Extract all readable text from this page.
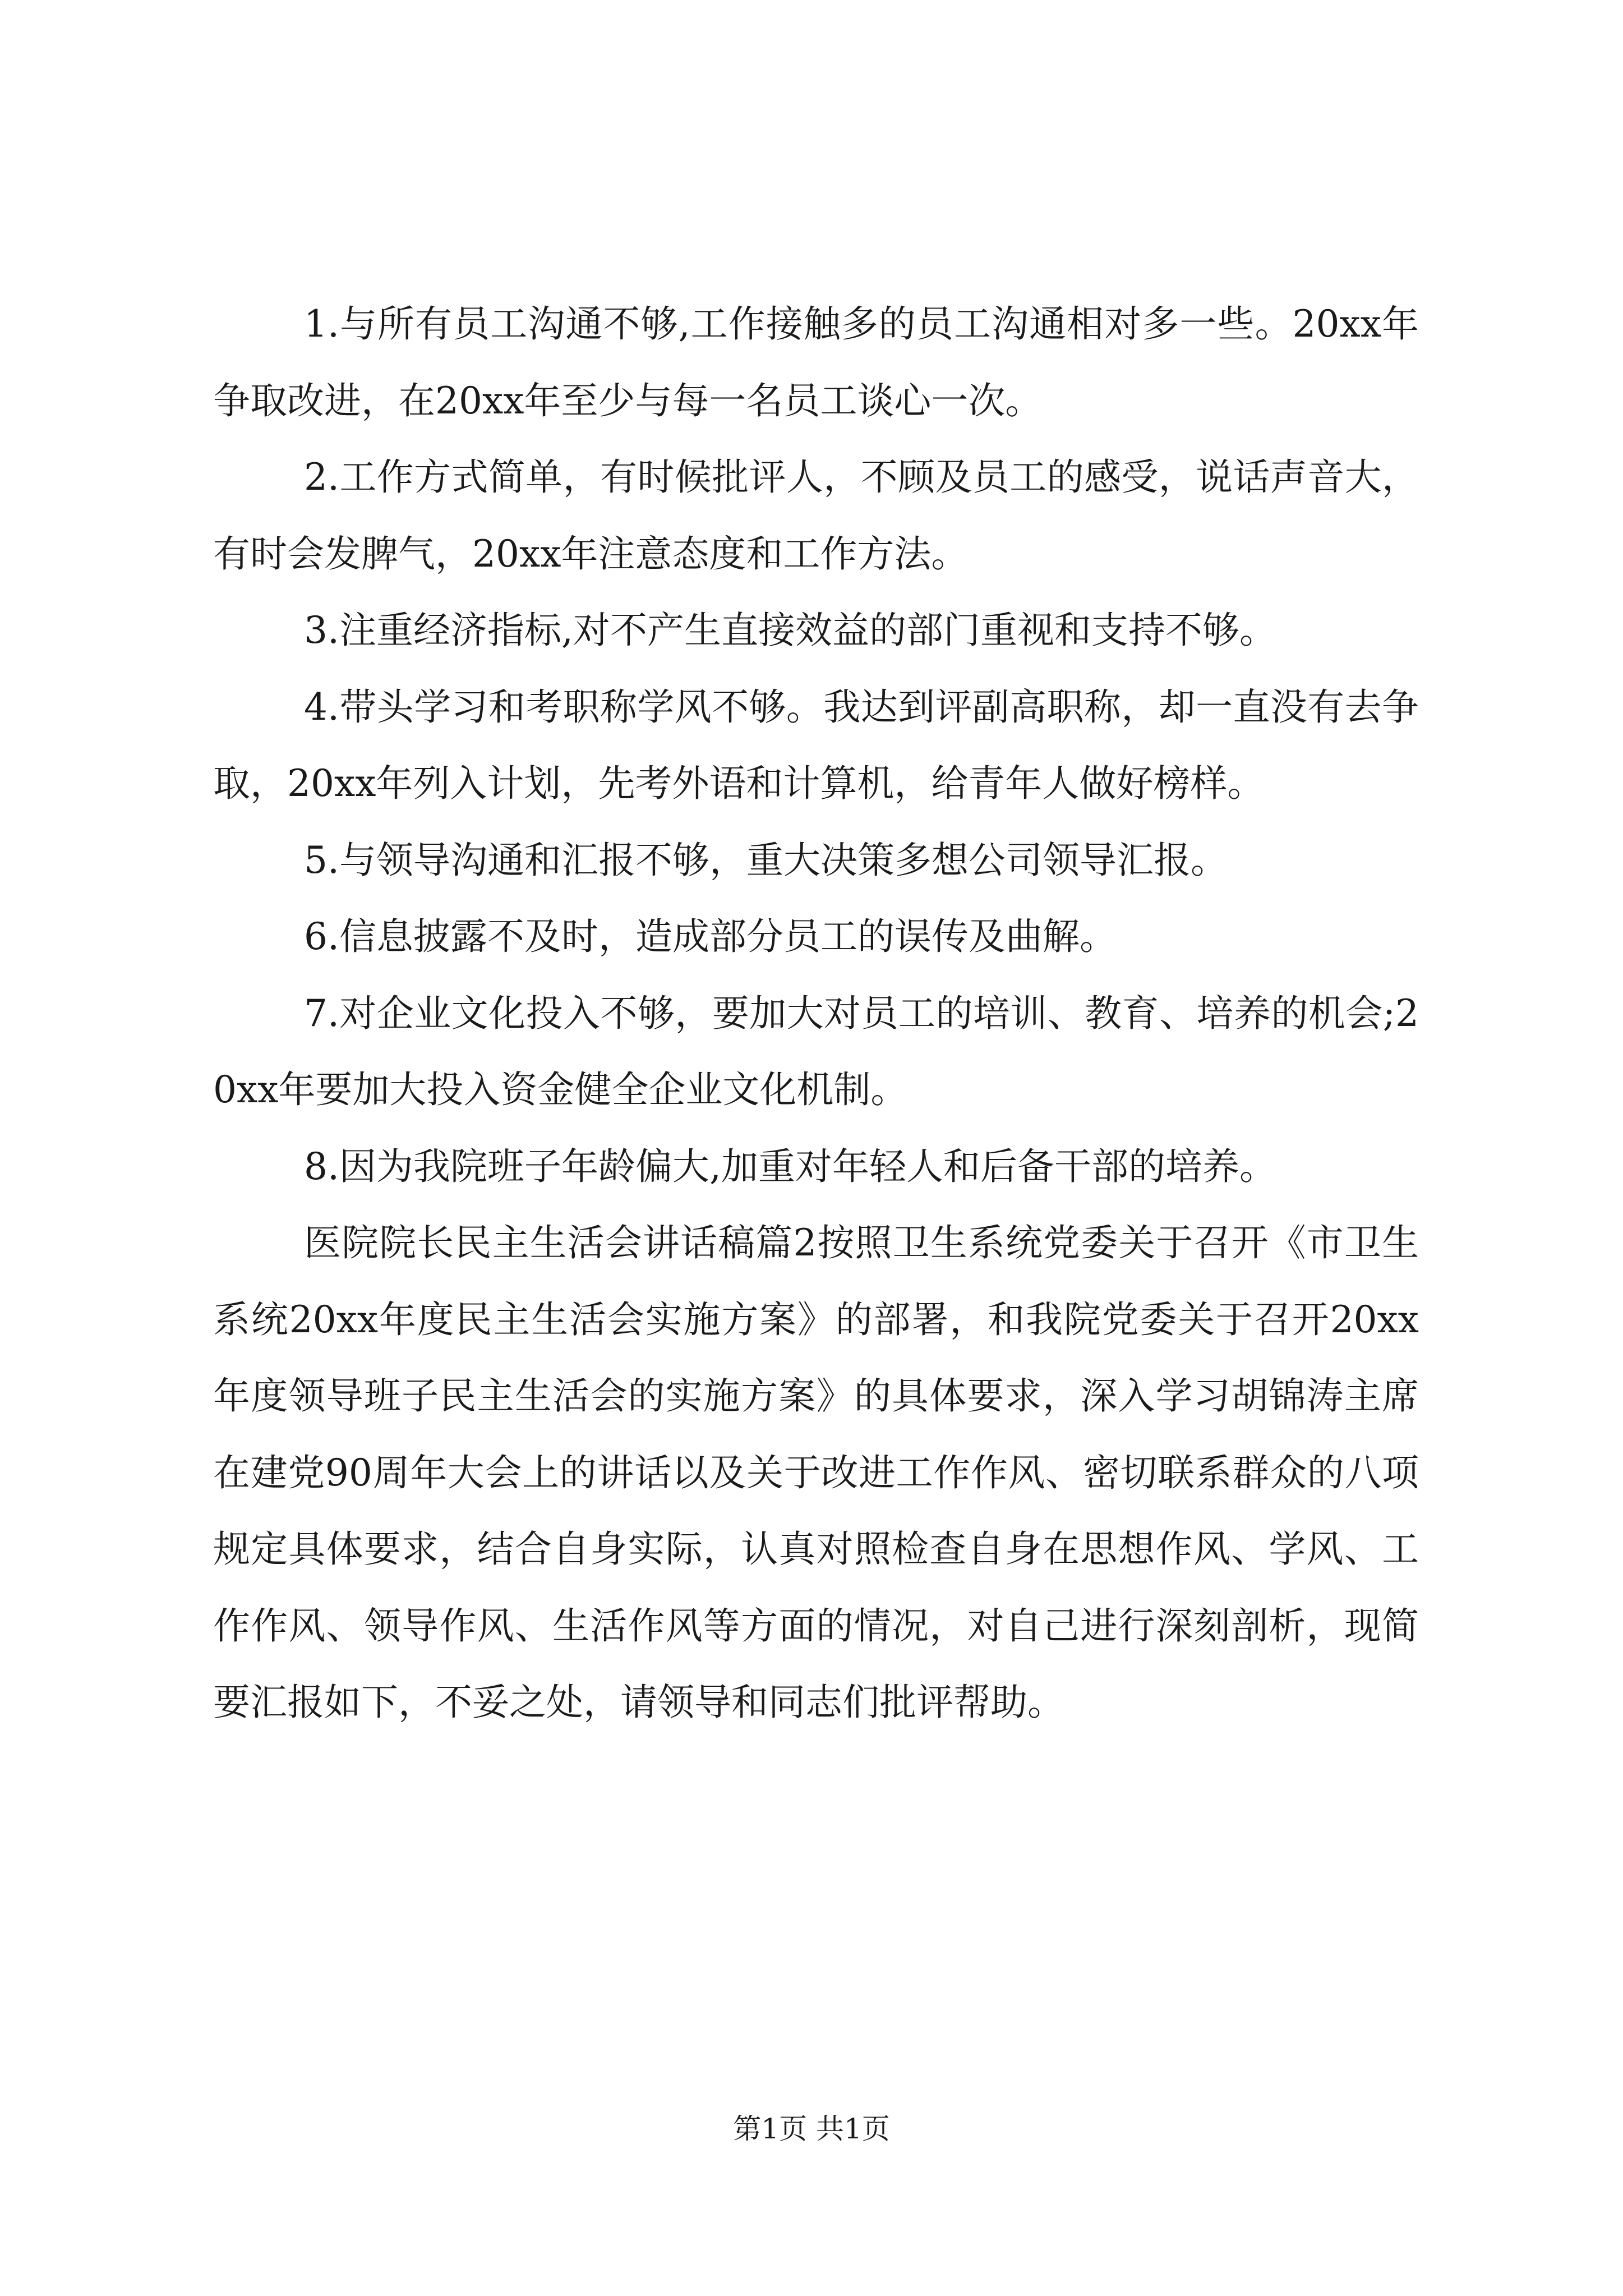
1.与所有员工沟通不够,工作接触多的员工沟通相对多一些。20xx年争取改进，在20xx年至少与每一名员工谈心一次。

2.工作方式简单，有时候批评人，不顾及员工的感受，说话声音大，有时会发脾气，20xx年注意态度和工作方法。

3.注重经济指标,对不产生直接效益的部门重视和支持不够。

4.带头学习和考职称学风不够。我达到评副高职称，却一直没有去争取，20xx年列入计划，先考外语和计算机，给青年人做好榜样。

5.与领导沟通和汇报不够，重大决策多想公司领导汇报。

6.信息披露不及时，造成部分员工的误传及曲解。

7.对企业文化投入不够，要加大对员工的培训、教育、培养的机会;20xx年要加大投入资金健全企业文化机制。

8.因为我院班子年龄偏大,加重对年轻人和后备干部的培养。

医院院长民主生活会讲话稿篇2按照卫生系统党委关于召开《市卫生系统20xx年度民主生活会实施方案》的部署，和我院党委关于召开20xx年度领导班子民主生活会的实施方案》的具体要求，深入学习胡锦涛主席在建党90周年大会上的讲话以及关于改进工作作风、密切联系群众的八项规定具体要求，结合自身实际，认真对照检查自身在思想作风、学风、工作作风、领导作风、生活作风等方面的情况，对自己进行深刻剖析，现简要汇报如下，不妥之处，请领导和同志们批评帮助。

第1页 共1页
